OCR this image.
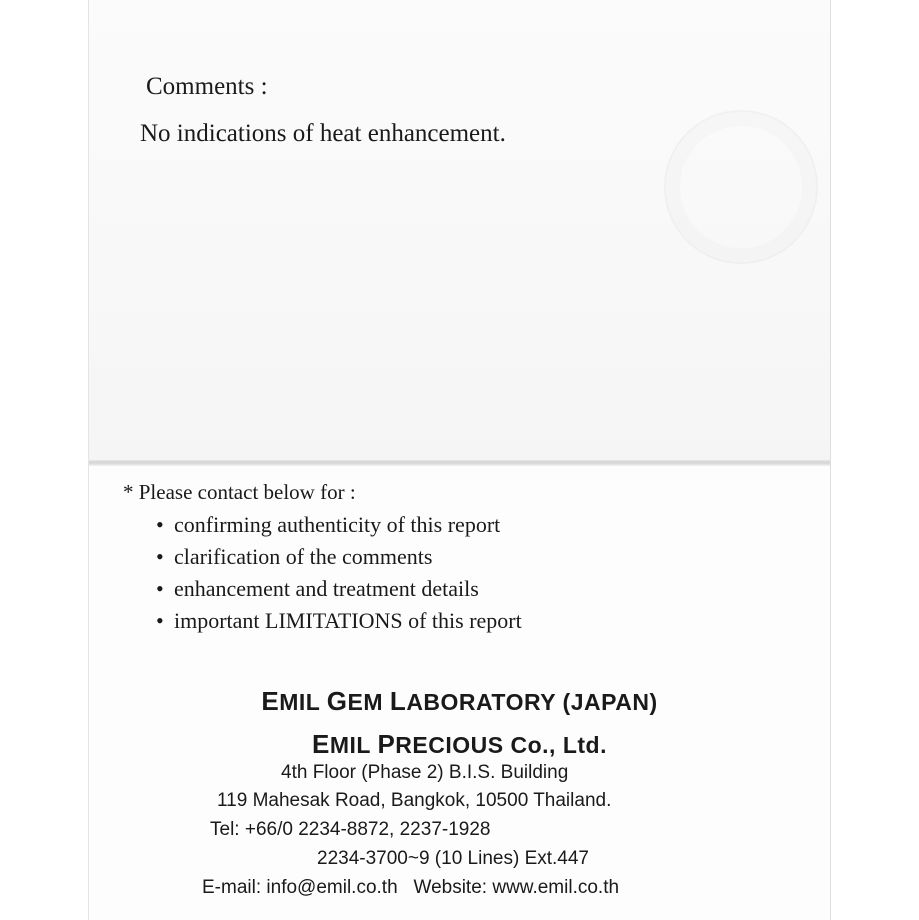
Comments :
No indications of heat enhancement.
* Please contact below for :
• confirming authenticity of this report
• clarification of the comments
• enhancement and treatment details
• important LIMITATIONS of this report
EMIL GEM LABORATORY (JAPAN)
EMIL PRECIOUS Co., Ltd.
4th Floor (Phase 2) B.I.S. Building
119 Mahesak Road, Bangkok, 10500 Thailand.
Tel: +66/0 2234-8872, 2237-1928
2234-3700~9 (10 Lines) Ext.447
E-mail: info@emil.co.th Website: www.emil.co.th
